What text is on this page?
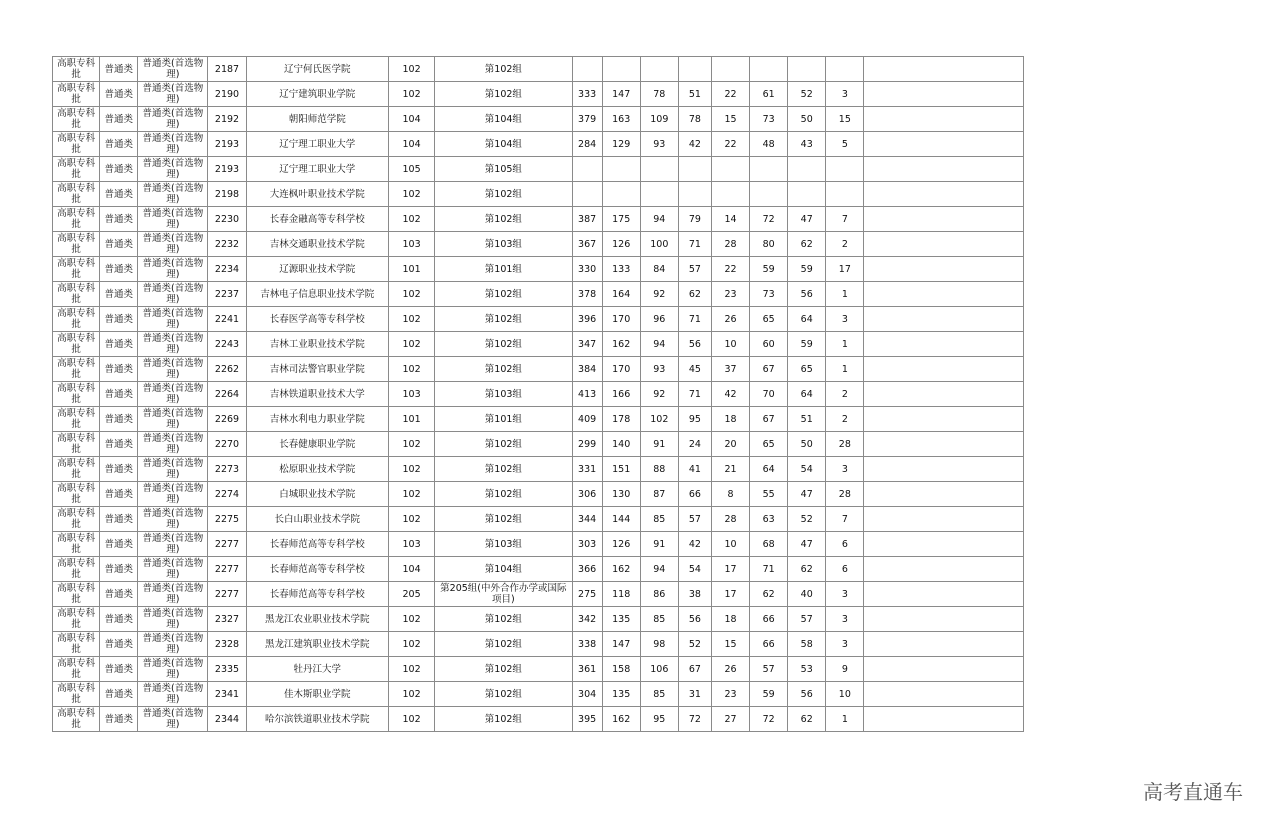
高职专科批	普通类	普通类(首选物理)	2187	辽宁何氏医学院	102	第102组									
高职专科批	普通类	普通类(首选物理)	2190	辽宁建筑职业学院	102	第102组	333	147	78	51	22	61	52	3	
高职专科批	普通类	普通类(首选物理)	2192	朝阳师范学院	104	第104组	379	163	109	78	15	73	50	15	
高职专科批	普通类	普通类(首选物理)	2193	辽宁理工职业大学	104	第104组	284	129	93	42	22	48	43	5	
高职专科批	普通类	普通类(首选物理)	2193	辽宁理工职业大学	105	第105组									
高职专科批	普通类	普通类(首选物理)	2198	大连枫叶职业技术学院	102	第102组									
高职专科批	普通类	普通类(首选物理)	2230	长春金融高等专科学校	102	第102组	387	175	94	79	14	72	47	7	
高职专科批	普通类	普通类(首选物理)	2232	吉林交通职业技术学院	103	第103组	367	126	100	71	28	80	62	2	
高职专科批	普通类	普通类(首选物理)	2234	辽源职业技术学院	101	第101组	330	133	84	57	22	59	59	17	
高职专科批	普通类	普通类(首选物理)	2237	吉林电子信息职业技术学院	102	第102组	378	164	92	62	23	73	56	1	
高职专科批	普通类	普通类(首选物理)	2241	长春医学高等专科学校	102	第102组	396	170	96	71	26	65	64	3	
高职专科批	普通类	普通类(首选物理)	2243	吉林工业职业技术学院	102	第102组	347	162	94	56	10	60	59	1	
高职专科批	普通类	普通类(首选物理)	2262	吉林司法警官职业学院	102	第102组	384	170	93	45	37	67	65	1	
高职专科批	普通类	普通类(首选物理)	2264	吉林铁道职业技术大学	103	第103组	413	166	92	71	42	70	64	2	
高职专科批	普通类	普通类(首选物理)	2269	吉林水利电力职业学院	101	第101组	409	178	102	95	18	67	51	2	
高职专科批	普通类	普通类(首选物理)	2270	长春健康职业学院	102	第102组	299	140	91	24	20	65	50	28	
高职专科批	普通类	普通类(首选物理)	2273	松原职业技术学院	102	第102组	331	151	88	41	21	64	54	3	
高职专科批	普通类	普通类(首选物理)	2274	白城职业技术学院	102	第102组	306	130	87	66	8	55	47	28	
高职专科批	普通类	普通类(首选物理)	2275	长白山职业技术学院	102	第102组	344	144	85	57	28	63	52	7	
高职专科批	普通类	普通类(首选物理)	2277	长春师范高等专科学校	103	第103组	303	126	91	42	10	68	47	6	
高职专科批	普通类	普通类(首选物理)	2277	长春师范高等专科学校	104	第104组	366	162	94	54	17	71	62	6	
高职专科批	普通类	普通类(首选物理)	2277	长春师范高等专科学校	205	第205组(中外合作办学或国际项目)	275	118	86	38	17	62	40	3	
高职专科批	普通类	普通类(首选物理)	2327	黑龙江农业职业技术学院	102	第102组	342	135	85	56	18	66	57	3	
高职专科批	普通类	普通类(首选物理)	2328	黑龙江建筑职业技术学院	102	第102组	338	147	98	52	15	66	58	3	
高职专科批	普通类	普通类(首选物理)	2335	牡丹江大学	102	第102组	361	158	106	67	26	57	53	9	
高职专科批	普通类	普通类(首选物理)	2341	佳木斯职业学院	102	第102组	304	135	85	31	23	59	56	10	
高职专科批	普通类	普通类(首选物理)	2344	哈尔滨铁道职业技术学院	102	第102组	395	162	95	72	27	72	62	1	
高考直通车
